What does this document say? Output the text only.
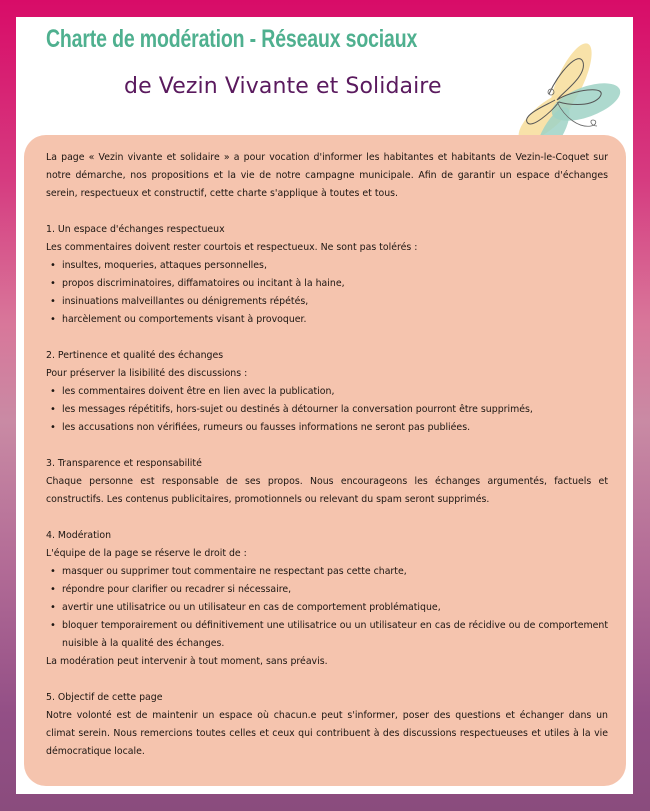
Charte de modération - Réseaux sociaux
de Vezin Vivante et Solidaire

La page « Vezin vivante et solidaire » a pour vocation d'informer les habitantes et habitants de Vezin-le-Coquet sur notre démarche, nos propositions et la vie de notre campagne municipale. Afin de garantir un espace d'échanges serein, respectueux et constructif, cette charte s'applique à toutes et tous.

1. Un espace d'échanges respectueux

Les commentaires doivent rester courtois et respectueux. Ne sont pas tolérés :

• insultes, moqueries, attaques personnelles,
• propos discriminatoires, diffamatoires ou incitant à la haine,
• insinuations malveillantes ou dénigrements répétés,
• harcèlement ou comportements visant à provoquer.

2. Pertinence et qualité des échanges

Pour préserver la lisibilité des discussions :

• les commentaires doivent être en lien avec la publication,
• les messages répétitifs, hors-sujet ou destinés à détourner la conversation pourront être supprimés,
• les accusations non vérifiées, rumeurs ou fausses informations ne seront pas publiées.

3. Transparence et responsabilité

Chaque personne est responsable de ses propos. Nous encourageons les échanges argumentés, factuels et constructifs. Les contenus publicitaires, promotionnels ou relevant du spam seront supprimés.

4. Modération

L'équipe de la page se réserve le droit de :

• masquer ou supprimer tout commentaire ne respectant pas cette charte,
• répondre pour clarifier ou recadrer si nécessaire,
• avertir une utilisatrice ou un utilisateur en cas de comportement problématique,
• bloquer temporairement ou définitivement une utilisatrice ou un utilisateur en cas de récidive ou de comportement nuisible à la qualité des échanges.

La modération peut intervenir à tout moment, sans préavis.

5. Objectif de cette page

Notre volonté est de maintenir un espace où chacun.e peut s'informer, poser des questions et échanger dans un climat serein. Nous remercions toutes celles et ceux qui contribuent à des discussions respectueuses et utiles à la vie démocratique locale.
